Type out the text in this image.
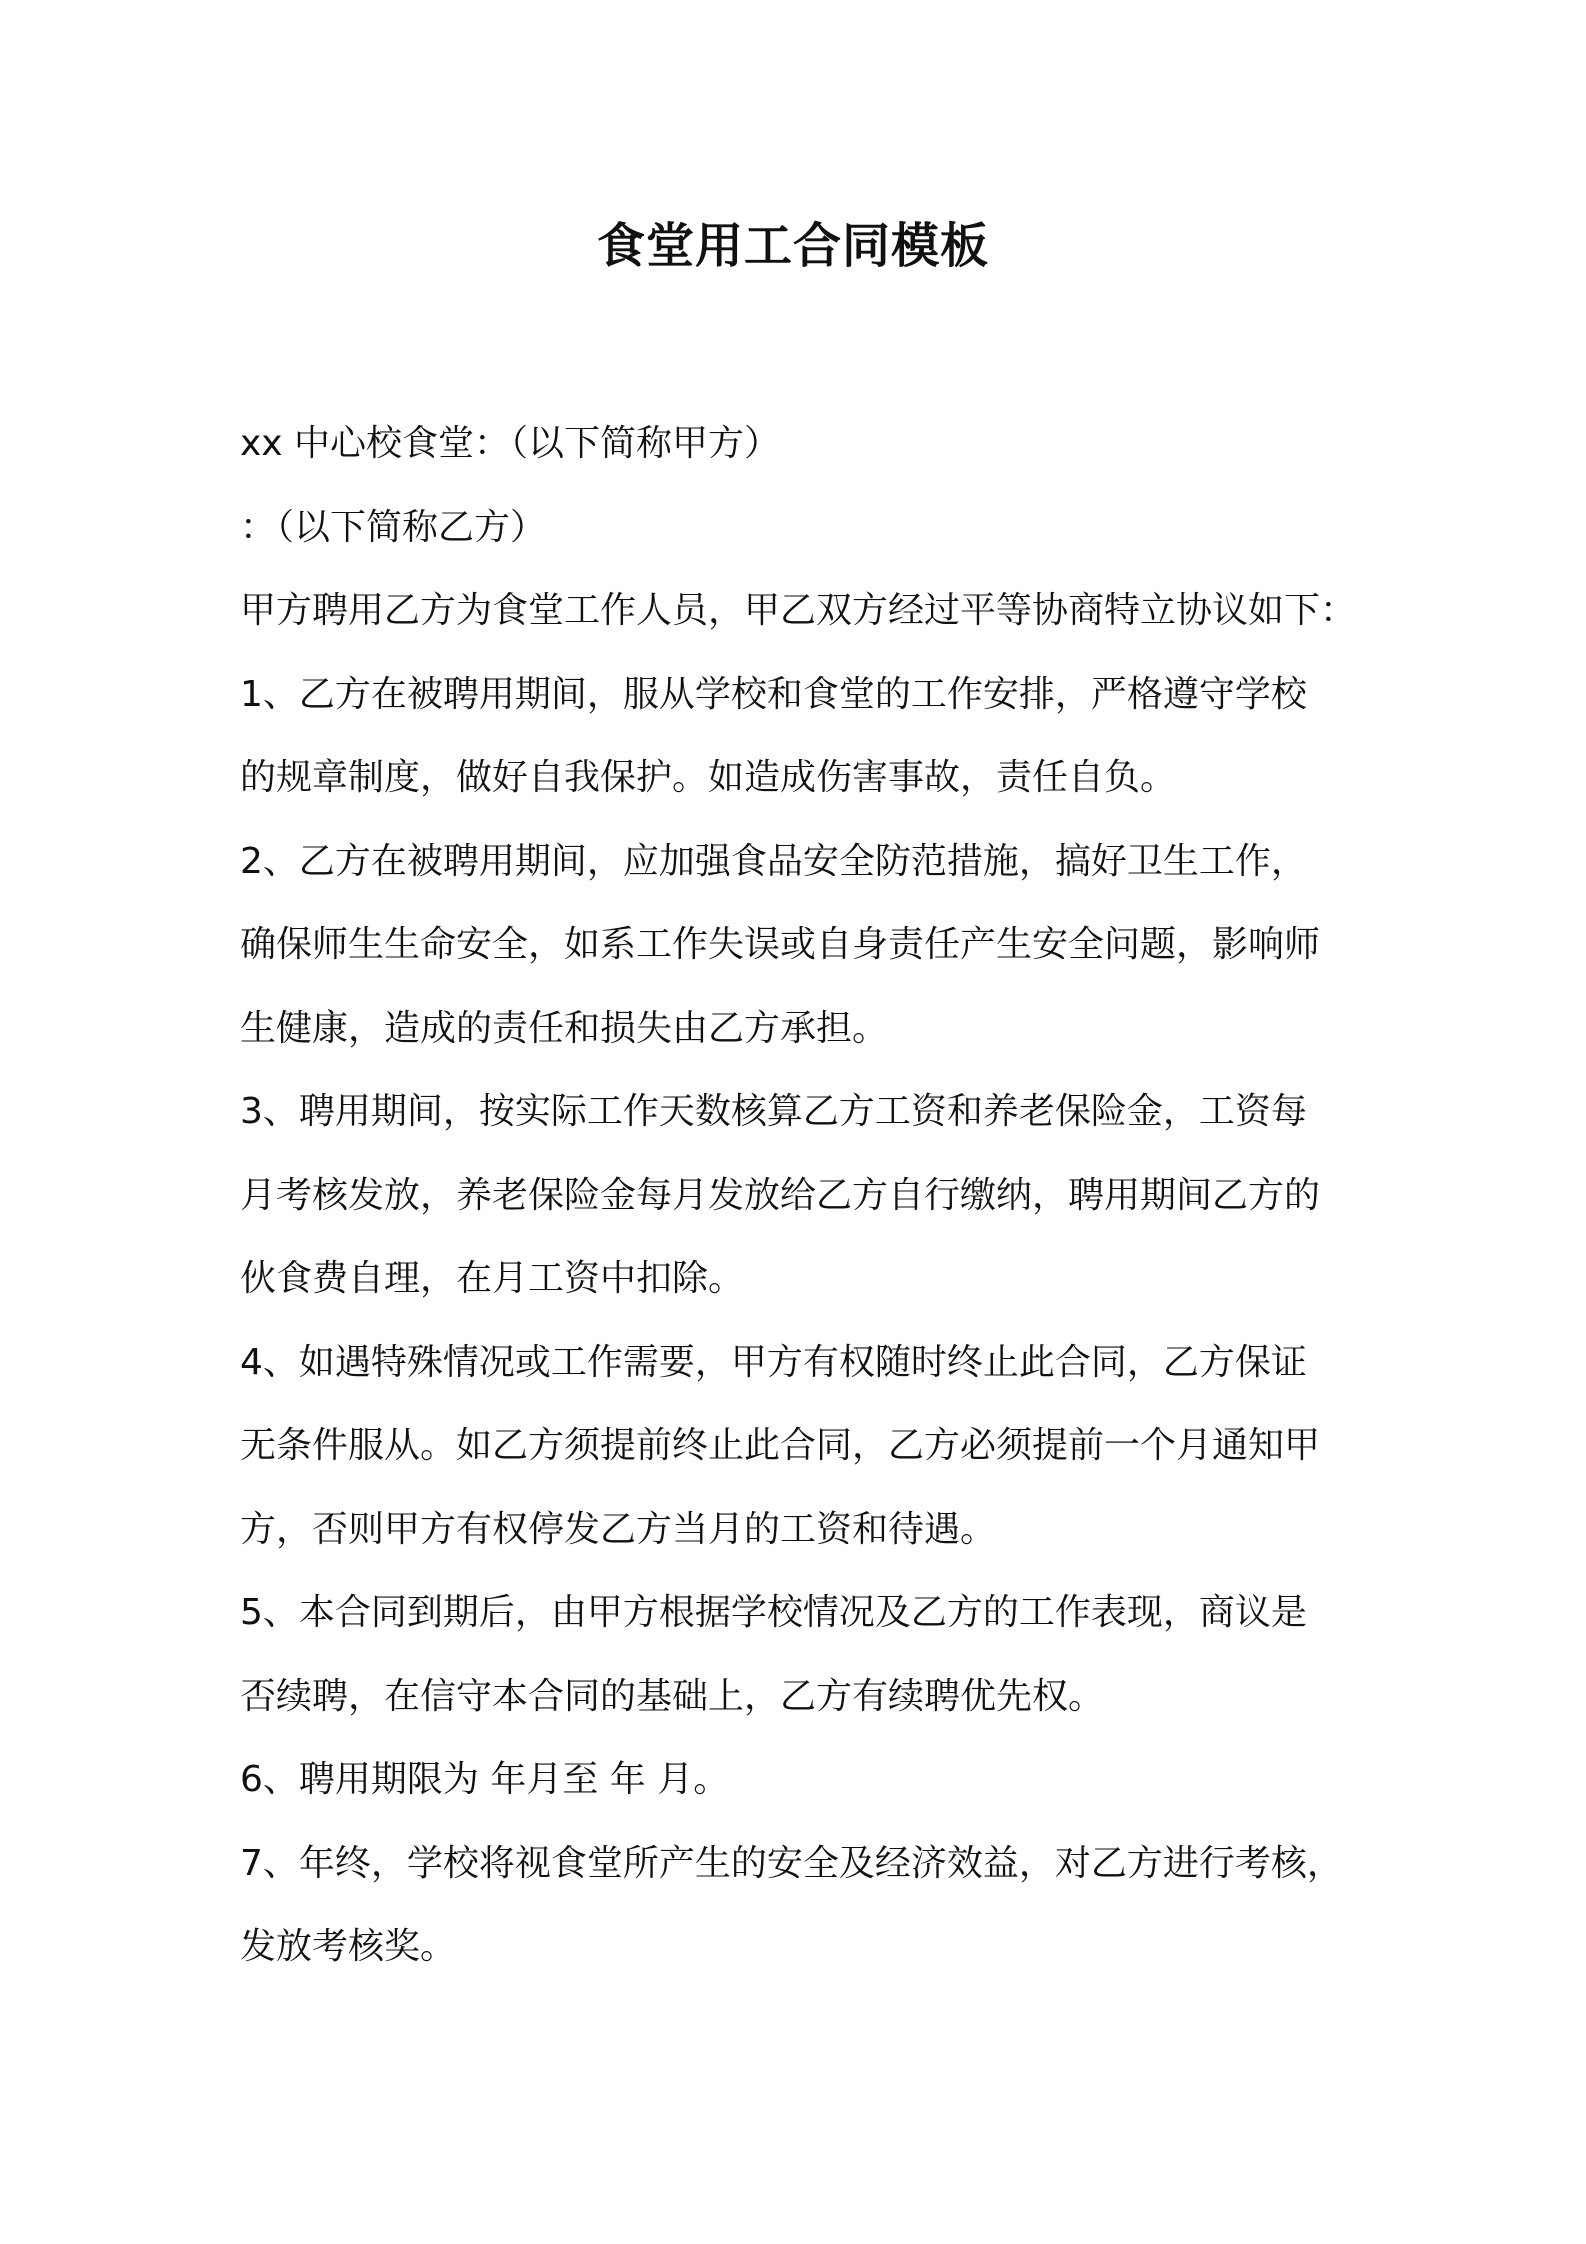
食堂用工合同模板
xx 中心校食堂：（以下简称甲方）
：（以下简称乙方）
甲方聘用乙方为食堂工作人员，甲乙双方经过平等协商特立协议如下：
1、乙方在被聘用期间，服从学校和食堂的工作安排，严格遵守学校
的规章制度，做好自我保护。如造成伤害事故，责任自负。
2、乙方在被聘用期间，应加强食品安全防范措施，搞好卫生工作，
确保师生生命安全，如系工作失误或自身责任产生安全问题，影响师
生健康，造成的责任和损失由乙方承担。
3、聘用期间，按实际工作天数核算乙方工资和养老保险金，工资每
月考核发放，养老保险金每月发放给乙方自行缴纳，聘用期间乙方的
伙食费自理，在月工资中扣除。
4、如遇特殊情况或工作需要，甲方有权随时终止此合同，乙方保证
无条件服从。如乙方须提前终止此合同，乙方必须提前一个月通知甲
方，否则甲方有权停发乙方当月的工资和待遇。
5、本合同到期后，由甲方根据学校情况及乙方的工作表现，商议是
否续聘，在信守本合同的基础上，乙方有续聘优先权。
6、聘用期限为 年月至 年 月。
7、年终，学校将视食堂所产生的安全及经济效益，对乙方进行考核，
发放考核奖。
